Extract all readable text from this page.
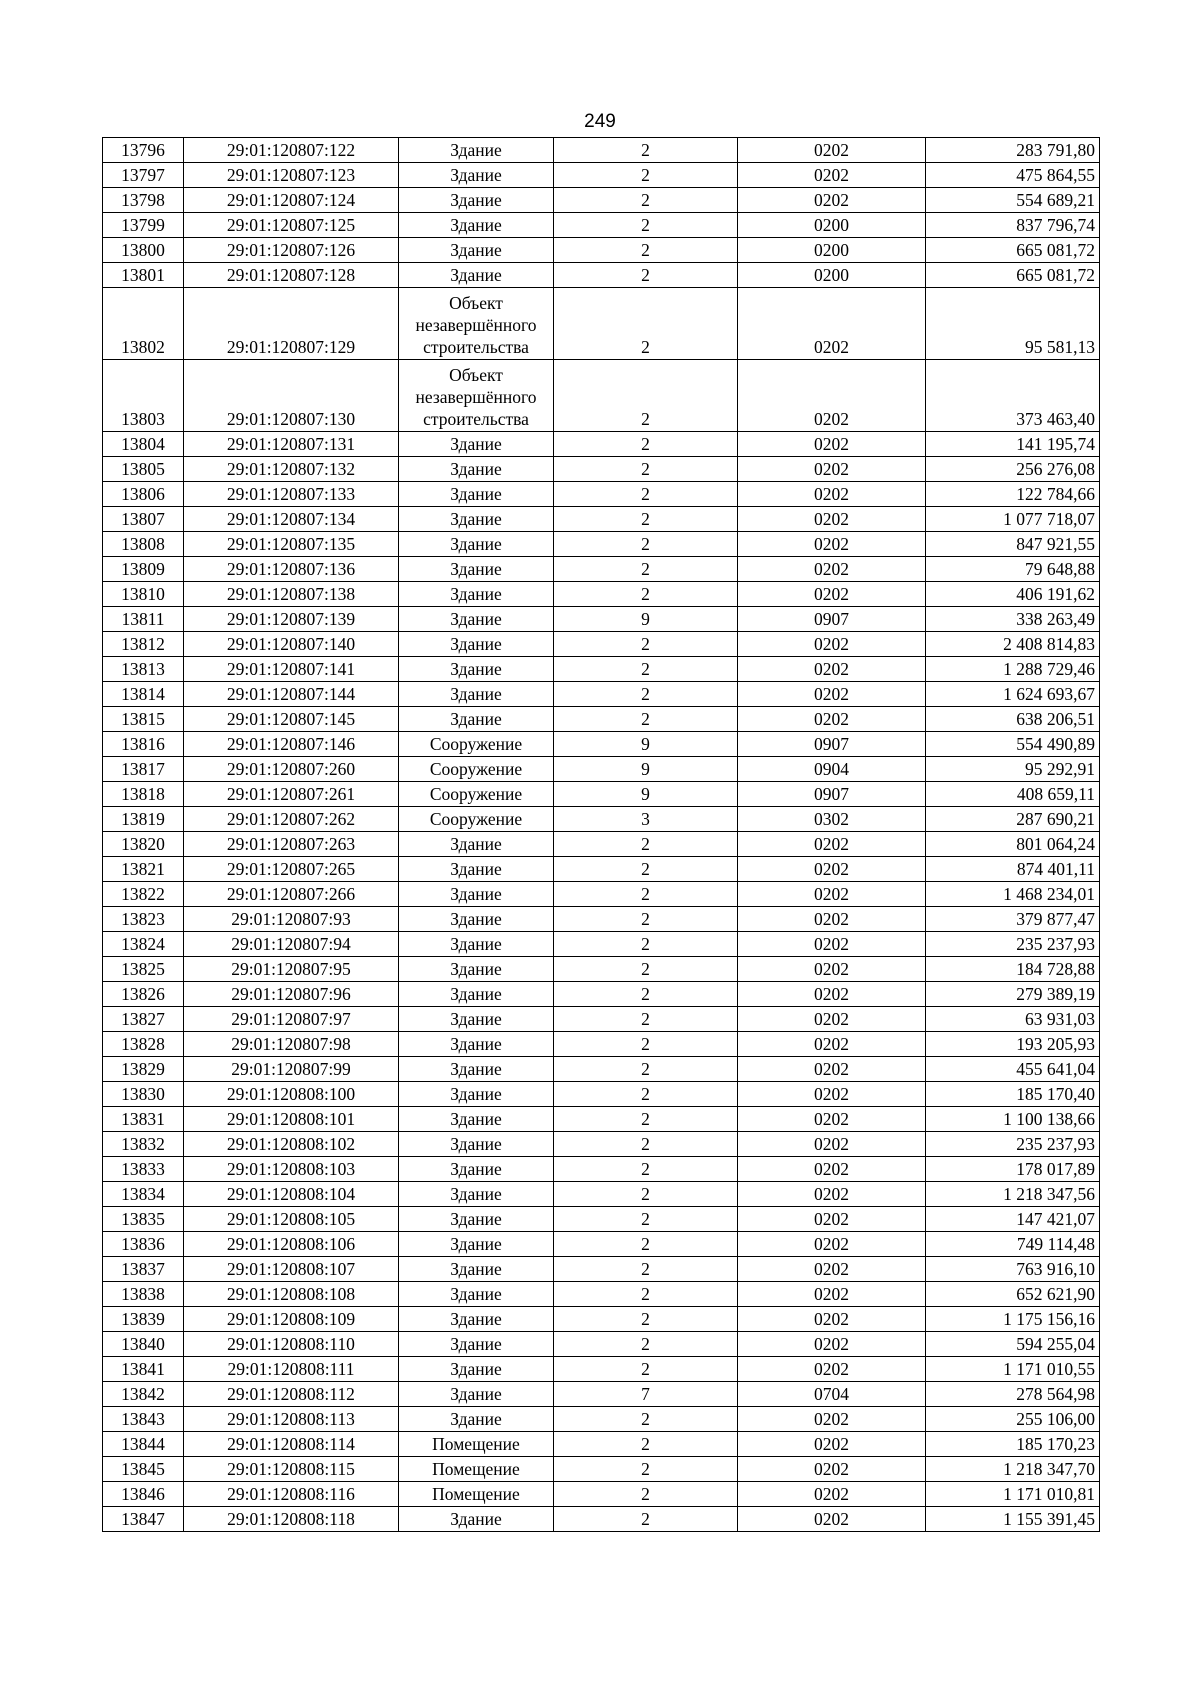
249
13796	29:01:120807:122	Здание	2	0202	283 791,80
13797	29:01:120807:123	Здание	2	0202	475 864,55
13798	29:01:120807:124	Здание	2	0202	554 689,21
13799	29:01:120807:125	Здание	2	0200	837 796,74
13800	29:01:120807:126	Здание	2	0200	665 081,72
13801	29:01:120807:128	Здание	2	0200	665 081,72
13802	29:01:120807:129	Объект незавершённого строительства	2	0202	95 581,13
13803	29:01:120807:130	Объект незавершённого строительства	2	0202	373 463,40
13804	29:01:120807:131	Здание	2	0202	141 195,74
13805	29:01:120807:132	Здание	2	0202	256 276,08
13806	29:01:120807:133	Здание	2	0202	122 784,66
13807	29:01:120807:134	Здание	2	0202	1 077 718,07
13808	29:01:120807:135	Здание	2	0202	847 921,55
13809	29:01:120807:136	Здание	2	0202	79 648,88
13810	29:01:120807:138	Здание	2	0202	406 191,62
13811	29:01:120807:139	Здание	9	0907	338 263,49
13812	29:01:120807:140	Здание	2	0202	2 408 814,83
13813	29:01:120807:141	Здание	2	0202	1 288 729,46
13814	29:01:120807:144	Здание	2	0202	1 624 693,67
13815	29:01:120807:145	Здание	2	0202	638 206,51
13816	29:01:120807:146	Сооружение	9	0907	554 490,89
13817	29:01:120807:260	Сооружение	9	0904	95 292,91
13818	29:01:120807:261	Сооружение	9	0907	408 659,11
13819	29:01:120807:262	Сооружение	3	0302	287 690,21
13820	29:01:120807:263	Здание	2	0202	801 064,24
13821	29:01:120807:265	Здание	2	0202	874 401,11
13822	29:01:120807:266	Здание	2	0202	1 468 234,01
13823	29:01:120807:93	Здание	2	0202	379 877,47
13824	29:01:120807:94	Здание	2	0202	235 237,93
13825	29:01:120807:95	Здание	2	0202	184 728,88
13826	29:01:120807:96	Здание	2	0202	279 389,19
13827	29:01:120807:97	Здание	2	0202	63 931,03
13828	29:01:120807:98	Здание	2	0202	193 205,93
13829	29:01:120807:99	Здание	2	0202	455 641,04
13830	29:01:120808:100	Здание	2	0202	185 170,40
13831	29:01:120808:101	Здание	2	0202	1 100 138,66
13832	29:01:120808:102	Здание	2	0202	235 237,93
13833	29:01:120808:103	Здание	2	0202	178 017,89
13834	29:01:120808:104	Здание	2	0202	1 218 347,56
13835	29:01:120808:105	Здание	2	0202	147 421,07
13836	29:01:120808:106	Здание	2	0202	749 114,48
13837	29:01:120808:107	Здание	2	0202	763 916,10
13838	29:01:120808:108	Здание	2	0202	652 621,90
13839	29:01:120808:109	Здание	2	0202	1 175 156,16
13840	29:01:120808:110	Здание	2	0202	594 255,04
13841	29:01:120808:111	Здание	2	0202	1 171 010,55
13842	29:01:120808:112	Здание	7	0704	278 564,98
13843	29:01:120808:113	Здание	2	0202	255 106,00
13844	29:01:120808:114	Помещение	2	0202	185 170,23
13845	29:01:120808:115	Помещение	2	0202	1 218 347,70
13846	29:01:120808:116	Помещение	2	0202	1 171 010,81
13847	29:01:120808:118	Здание	2	0202	1 155 391,45
